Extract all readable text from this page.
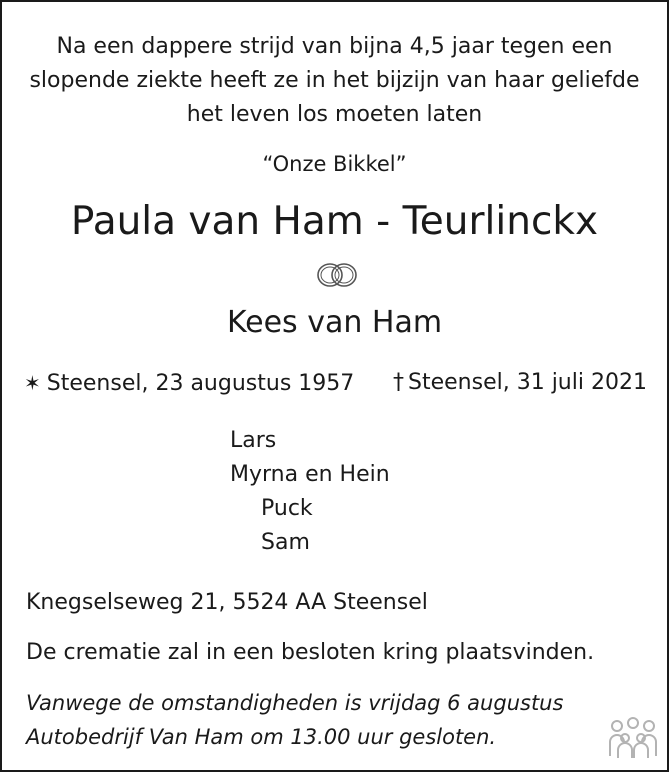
Na een dappere strijd van bijna 4,5 jaar tegen een
slopende ziekte heeft ze in het bijzijn van haar geliefde
het leven los moeten laten
“Onze Bikkel”
Paula van Ham - Teurlinckx
Kees van Ham
✶ Steensel, 23 augustus 1957 † Steensel, 31 juli 2021
Lars
Myrna en Hein
Puck
Sam
Knegselseweg 21, 5524 AA Steensel
De crematie zal in een besloten kring plaatsvinden.
Vanwege de omstandigheden is vrijdag 6 augustus
Autobedrijf Van Ham om 13.00 uur gesloten.
